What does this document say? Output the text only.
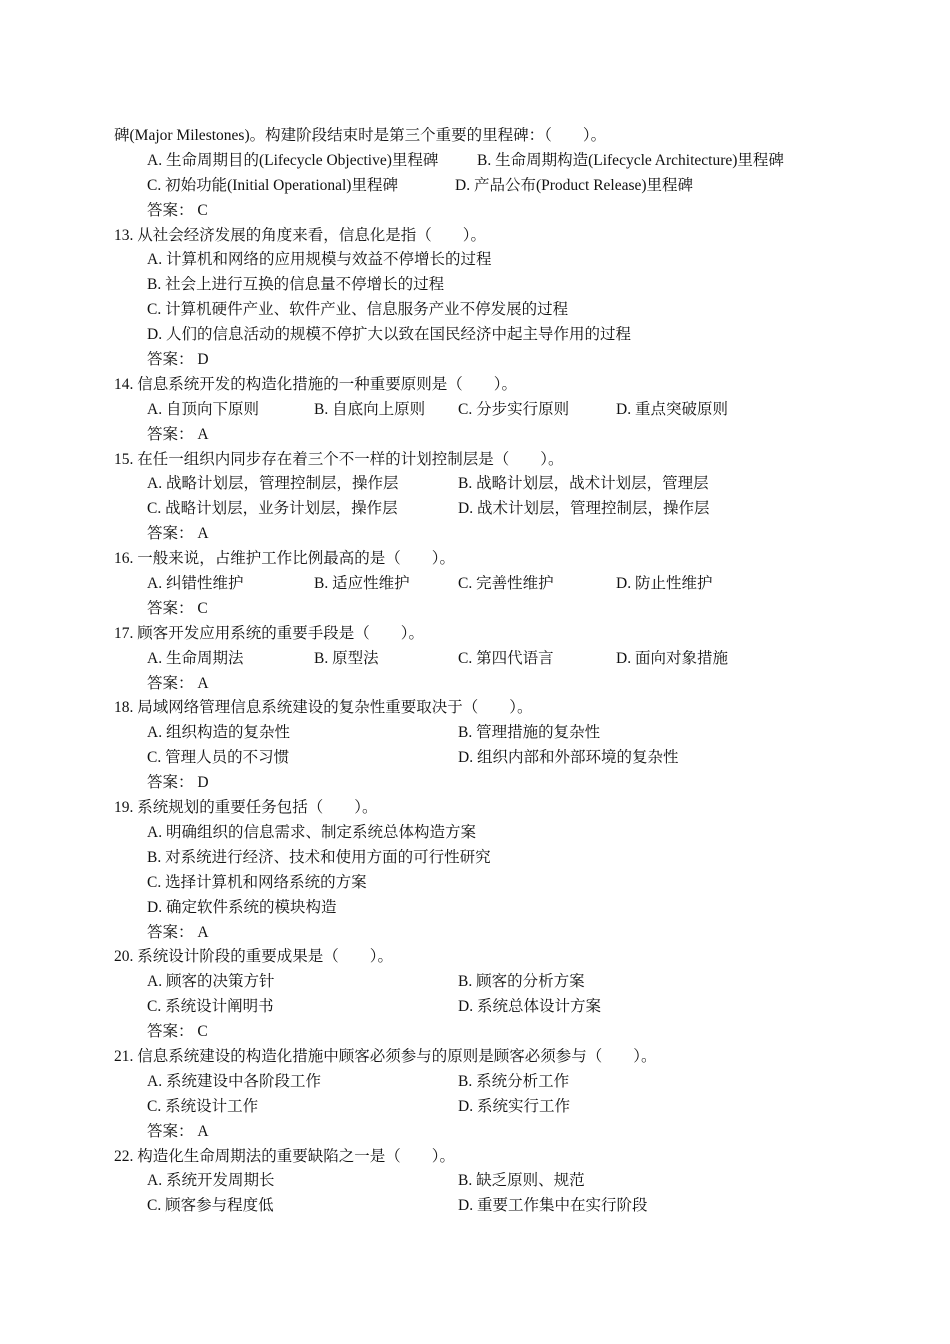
碑(Major Milestones)。构建阶段结束时是第三个重要的里程碑：（　　）。
A. 生命周期目的(Lifecycle Objective)里程碑 B. 生命周期构造(Lifecycle Architecture)里程碑
C. 初始功能(Initial Operational)里程碑	D. 产品公布(Product Release)里程碑
答案： C
13. 从社会经济发展的角度来看，信息化是指（　　）。
A. 计算机和网络的应用规模与效益不停增长的过程
B. 社会上进行互换的信息量不停增长的过程
C. 计算机硬件产业、软件产业、信息服务产业不停发展的过程
D. 人们的信息活动的规模不停扩大以致在国民经济中起主导作用的过程
答案： D
14. 信息系统开发的构造化措施的一种重要原则是（　　）。
A. 自顶向下原则	B. 自底向上原则 C. 分步实行原则	D. 重点突破原则
答案： A
15. 在任一组织内同步存在着三个不一样的计划控制层是（　　）。
A. 战略计划层，管理控制层，操作层	B. 战略计划层，战术计划层，管理层
C. 战略计划层，业务计划层，操作层	D. 战术计划层，管理控制层，操作层
答案： A
16. 一般来说，占维护工作比例最高的是（　　）。
A. 纠错性维护	B. 适应性维护	C. 完善性维护	D. 防止性维护
答案： C
17. 顾客开发应用系统的重要手段是（　　）。
A. 生命周期法	B. 原型法	C. 第四代语言	D. 面向对象措施
答案： A
18. 局域网络管理信息系统建设的复杂性重要取决于（　　）。
A. 组织构造的复杂性	B. 管理措施的复杂性
C. 管理人员的不习惯	D. 组织内部和外部环境的复杂性
答案： D
19. 系统规划的重要任务包括（　　）。
A. 明确组织的信息需求、制定系统总体构造方案
B. 对系统进行经济、技术和使用方面的可行性研究
C. 选择计算机和网络系统的方案
D. 确定软件系统的模块构造
答案： A
20. 系统设计阶段的重要成果是（　　）。
A. 顾客的决策方针	B. 顾客的分析方案
C. 系统设计阐明书	D. 系统总体设计方案
答案： C
21. 信息系统建设的构造化措施中顾客必须参与的原则是顾客必须参与（　　）。
A. 系统建设中各阶段工作	B. 系统分析工作
C. 系统设计工作	D. 系统实行工作
答案： A
22. 构造化生命周期法的重要缺陷之一是（　　）。
A. 系统开发周期长	B. 缺乏原则、规范
C. 顾客参与程度低	D. 重要工作集中在实行阶段
